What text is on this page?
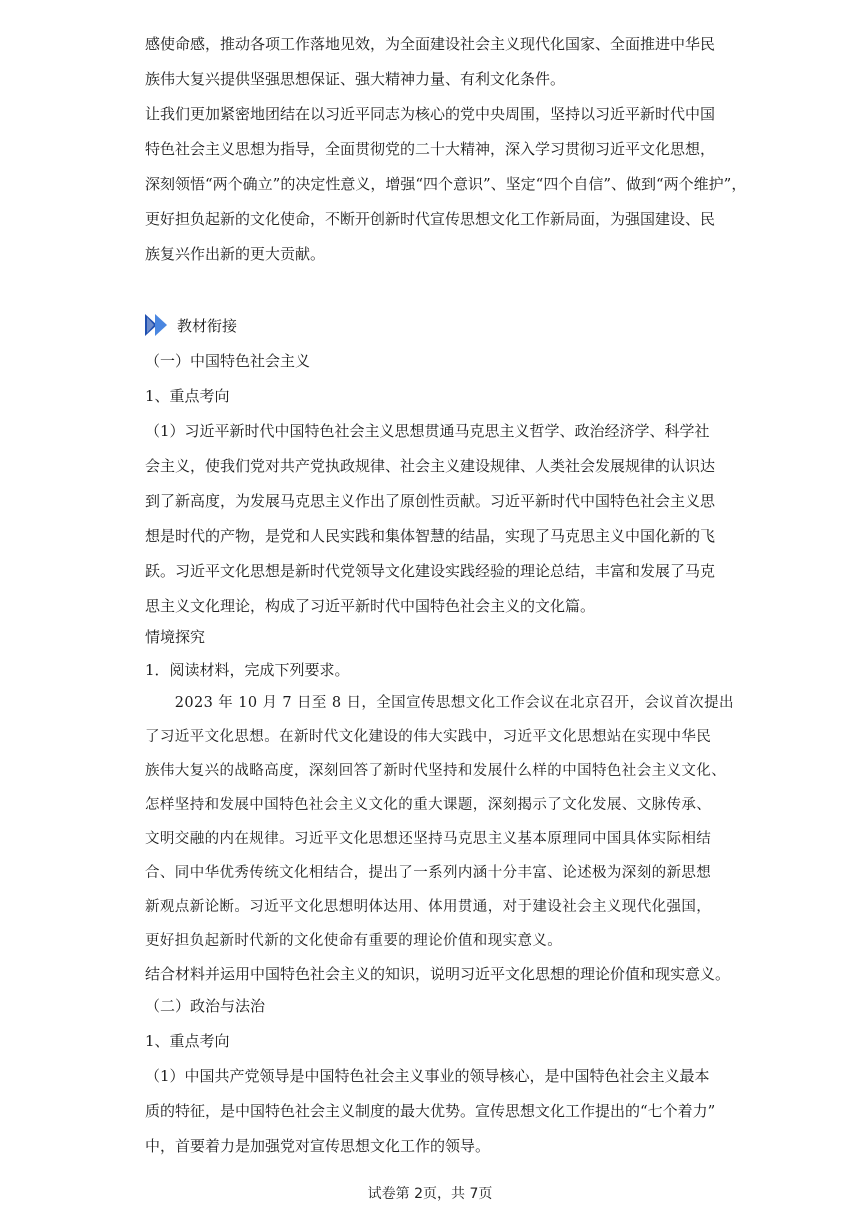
感使命感，推动各项工作落地见效，为全面建设社会主义现代化国家、全面推进中华民
族伟大复兴提供坚强思想保证、强大精神力量、有利文化条件。
让我们更加紧密地团结在以习近平同志为核心的党中央周围，坚持以习近平新时代中国
特色社会主义思想为指导，全面贯彻党的二十大精神，深入学习贯彻习近平文化思想，
深刻领悟“两个确立”的决定性意义，增强“四个意识”、坚定“四个自信”、做到“两个维护”，
更好担负起新的文化使命，不断开创新时代宣传思想文化工作新局面，为强国建设、民
族复兴作出新的更大贡献。
教材衔接
（一）中国特色社会主义
1、重点考向
（1）习近平新时代中国特色社会主义思想贯通马克思主义哲学、政治经济学、科学社
会主义，使我们党对共产党执政规律、社会主义建设规律、人类社会发展规律的认识达
到了新高度，为发展马克思主义作出了原创性贡献。习近平新时代中国特色社会主义思
想是时代的产物，是党和人民实践和集体智慧的结晶，实现了马克思主义中国化新的飞
跃。习近平文化思想是新时代党领导文化建设实践经验的理论总结，丰富和发展了马克
思主义文化理论，构成了习近平新时代中国特色社会主义的文化篇。
情境探究
1．阅读材料，完成下列要求。
　　2023 年 10 月 7 日至 8 日，全国宣传思想文化工作会议在北京召开，会议首次提出
了习近平文化思想。在新时代文化建设的伟大实践中，习近平文化思想站在实现中华民
族伟大复兴的战略高度，深刻回答了新时代坚持和发展什么样的中国特色社会主义文化、
怎样坚持和发展中国特色社会主义文化的重大课题，深刻揭示了文化发展、文脉传承、
文明交融的内在规律。习近平文化思想还坚持马克思主义基本原理同中国具体实际相结
合、同中华优秀传统文化相结合，提出了一系列内涵十分丰富、论述极为深刻的新思想
新观点新论断。习近平文化思想明体达用、体用贯通，对于建设社会主义现代化强国，
更好担负起新时代新的文化使命有重要的理论价值和现实意义。
结合材料并运用中国特色社会主义的知识，说明习近平文化思想的理论价值和现实意义。
（二）政治与法治
1、重点考向
（1）中国共产党领导是中国特色社会主义事业的领导核心，是中国特色社会主义最本
质的特征，是中国特色社会主义制度的最大优势。宣传思想文化工作提出的“七个着力”
中，首要着力是加强党对宣传思想文化工作的领导。
试卷第 2页，共 7页
